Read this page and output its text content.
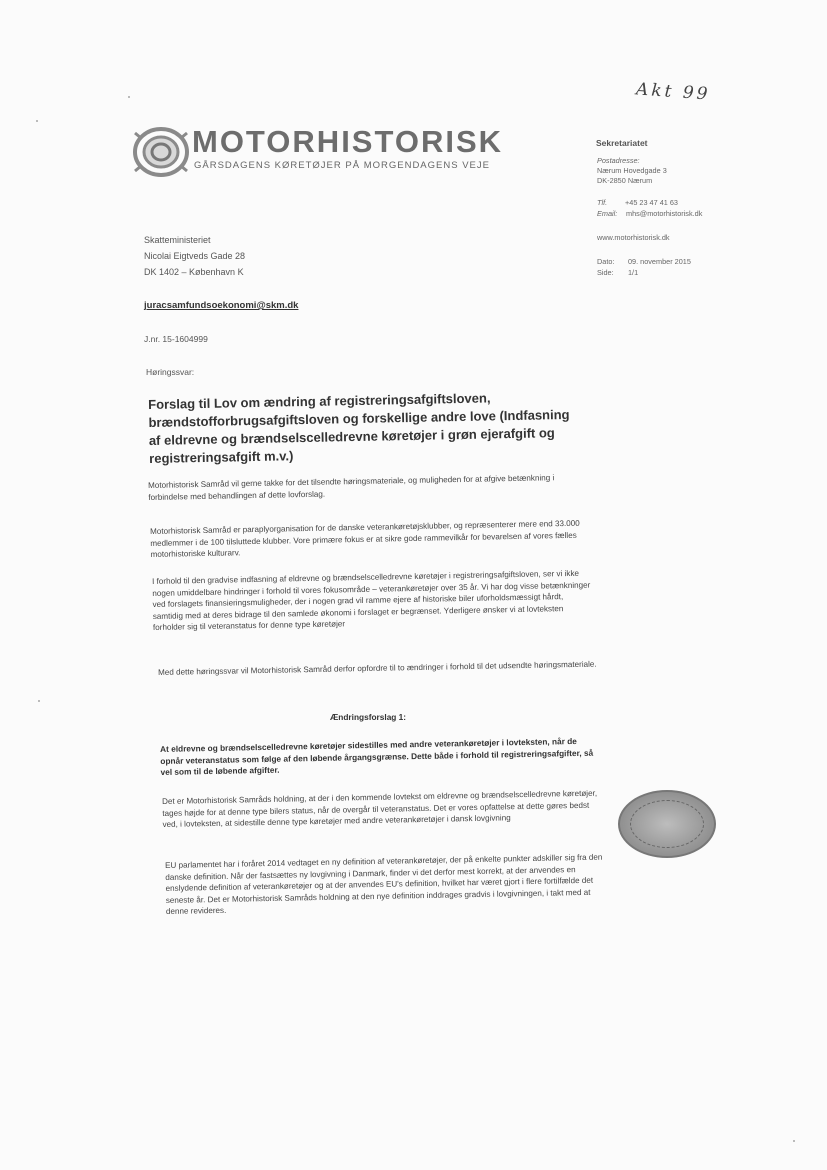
Akt 99
MOTORHISTORISK
GÅRSDAGENS KØRETØJER PÅ MORGENDAGENS VEJE
Sekretariatet
Postadresse:
Nærum Hovedgade 3
DK-2850 Nærum
Tlf. +45 23 47 41 63
Email: mhs@motorhistorisk.dk
www.motorhistorisk.dk
Dato: 09. november 2015
Side: 1/1
Skatteministeriet
Nicolai Eigtveds Gade 28
DK 1402 – København K
juracsamfundsoekonomi@skm.dk
J.nr. 15-1604999
Høringssvar:
Forslag til Lov om ændring af registreringsafgiftsloven, brændstofforbrugsafgiftsloven og forskellige andre love (Indfasning af eldrevne og brændselscelledrevne køretøjer i grøn ejerafgift og registreringsafgift m.v.)
Motorhistorisk Samråd vil gerne takke for det tilsendte høringsmateriale, og muligheden for at afgive betænkning i forbindelse med behandlingen af dette lovforslag.
Motorhistorisk Samråd er paraplyorganisation for de danske veterankøretøjsklubber, og repræsenterer mere end 33.000 medlemmer i de 100 tilsluttede klubber. Vore primære fokus er at sikre gode rammevilkår for bevarelsen af vores fælles motorhistoriske kulturarv.
I forhold til den gradvise indfasning af eldrevne og brændselscelledrevne køretøjer i registreringsafgiftsloven, ser vi ikke nogen umiddelbare hindringer i forhold til vores fokusområde – veterankøretøjer over 35 år. Vi har dog visse betænkninger ved forslagets finansieringsmuligheder, der i nogen grad vil ramme ejere af historiske biler uforholdsmæssigt hårdt, samtidig med at deres bidrage til den samlede økonomi i forslaget er begrænset. Yderligere ønsker vi at lovteksten forholder sig til veteranstatus for denne type køretøjer
Med dette høringssvar vil Motorhistorisk Samråd derfor opfordre til to ændringer i forhold til det udsendte høringsmateriale.
Ændringsforslag 1:
At eldrevne og brændselscelledrevne køretøjer sidestilles med andre veterankøretøjer i lovteksten, når de opnår veteranstatus som følge af den løbende årgangsgrænse. Dette både i forhold til registreringsafgifter, så vel som til de løbende afgifter.
Det er Motorhistorisk Samråds holdning, at der i den kommende lovtekst om eldrevne og brændselscelledrevne køretøjer, tages højde for at denne type bilers status, når de overgår til veteranstatus. Det er vores opfattelse at dette gøres bedst ved, i lovteksten, at sidestille denne type køretøjer med andre veterankøretøjer i dansk lovgivning
EU parlamentet har i foråret 2014 vedtaget en ny definition af veterankøretøjer, der på enkelte punkter adskiller sig fra den danske definition. Når der fastsættes ny lovgivning i Danmark, finder vi det derfor mest korrekt, at der anvendes en enslydende definition af veterankøretøjer og at der anvendes EU's definition, hvilket har været gjort i flere fortilfælde det seneste år. Det er Motorhistorisk Samråds holdning at den nye definition inddrages gradvis i lovgivningen, i takt med at denne revideres.
